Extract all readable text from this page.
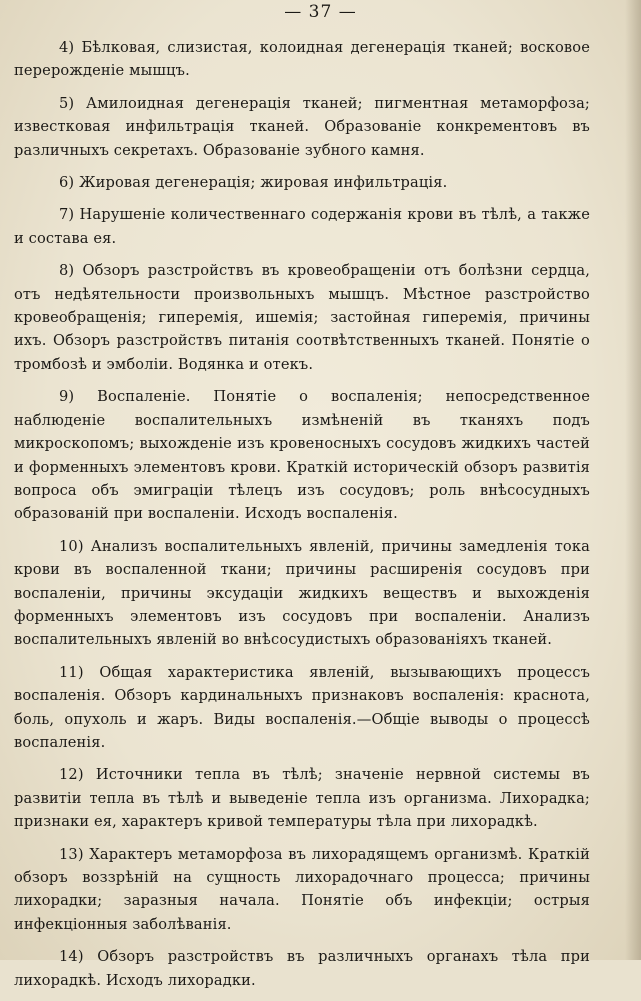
— 37 —

4) Бѣлковая, слизистая, колоидная дегенерація тканей; восковое перерожденіе мышцъ.

5) Амилоидная дегенерація тканей; пигментная метаморфоза; известковая инфильтрація тканей. Образованіе конкрементовъ въ различныхъ секретахъ. Образованіе зубного камня.

6) Жировая дегенерація; жировая инфильтрація.

7) Нарушеніе количественнаго содержанія крови въ тѣлѣ, а также и состава ея.

8) Обзоръ разстройствъ въ кровеобращеніи отъ болѣзни сердца, отъ недѣятельности произвольныхъ мышцъ. Мѣстное разстройство кровеобращенія; гиперемія, ишемія; застойная гиперемія, причины ихъ. Обзоръ разстройствъ питанія соотвѣтственныхъ тканей. Понятіе о тромбозѣ и эмболіи. Водянка и отекъ.

9) Воспаленіе. Понятіе о воспаленія; непосредственное наблюденіе воспалительныхъ измѣненій въ тканяхъ подъ микроскопомъ; выхожденіе изъ кровеносныхъ сосудовъ жидкихъ частей и форменныхъ элементовъ крови. Краткій историческій обзоръ развитія вопроса объ эмиграціи тѣлецъ изъ сосудовъ; роль внѣсосудныхъ образованій при воспаленіи. Исходъ воспаленія.

10) Анализъ воспалительныхъ явленій, причины замедленія тока крови въ воспаленной ткани; причины расширенія сосудовъ при воспаленіи, причины эксудаціи жидкихъ веществъ и выхожденія форменныхъ элементовъ изъ сосудовъ при воспаленіи. Анализъ воспалительныхъ явленій во внѣсосудистыхъ образованіяхъ тканей.

11) Общая характеристика явленій, вызывающихъ процессъ воспаленія. Обзоръ кардинальныхъ признаковъ воспаленія: краснота, боль, опухоль и жаръ. Виды воспаленія.—Общіе выводы о процессѣ воспаленія.

12) Источники тепла въ тѣлѣ; значеніе нервной системы въ развитіи тепла въ тѣлѣ и выведеніе тепла изъ организма. Лихорадка; признаки ея, характеръ кривой температуры тѣла при лихорадкѣ.

13) Характеръ метаморфоза въ лихорадящемъ организмѣ. Краткій обзоръ воззрѣній на сущность лихорадочнаго процесса; причины лихорадки; заразныя начала. Понятіе объ инфекціи; острыя инфекціонныя заболѣванія.

14) Обзоръ разстройствъ въ различныхъ органахъ тѣла при лихорадкѣ. Исходъ лихорадки.
